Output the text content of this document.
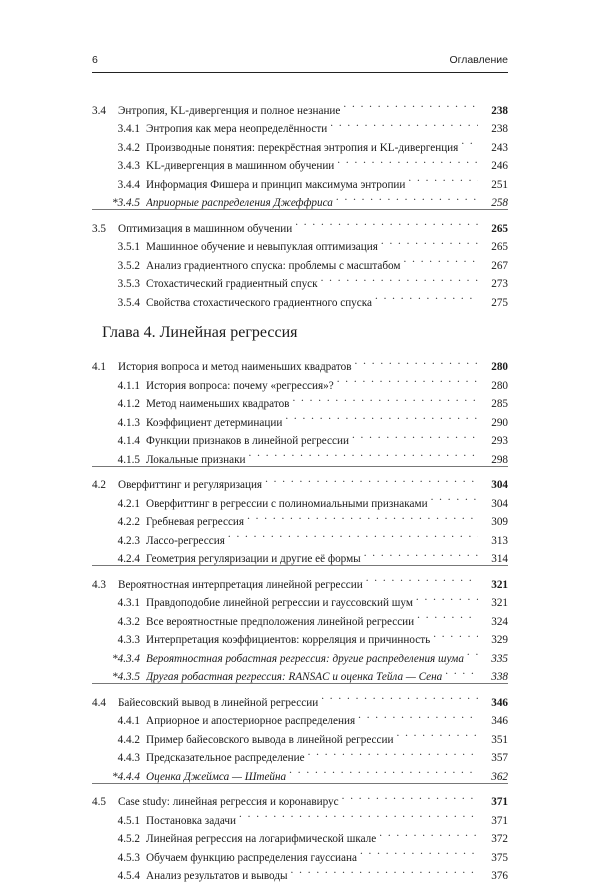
6	Оглавление
3.4	Энтропия, KL-дивергенция и полное незнание . . .	238
3.4.1 Энтропия как мера неопределённости . . .	238
3.4.2 Производные понятия: перекрёстная энтропия и KL-дивергенция . . .	243
3.4.3 KL-дивергенция в машинном обучении . . .	246
3.4.4 Информация Фишера и принцип максимума энтропии . . .	251
*3.4.5 Априорные распределения Джеффриса . . .	258
3.5	Оптимизация в машинном обучении . . .	265
3.5.1 Машинное обучение и невыпуклая оптимизация . . .	265
3.5.2 Анализ градиентного спуска: проблемы с масштабом . . .	267
3.5.3 Стохастический градиентный спуск . . .	273
3.5.4 Свойства стохастического градиентного спуска . . .	275
Глава 4. Линейная регрессия
4.1	История вопроса и метод наименьших квадратов . . .	280
4.1.1 История вопроса: почему «регрессия»? . . .	280
4.1.2 Метод наименьших квадратов . . .	285
4.1.3 Коэффициент детерминации . . .	290
4.1.4 Функции признаков в линейной регрессии . . .	293
4.1.5 Локальные признаки . . .	298
4.2	Оверфиттинг и регуляризация . . .	304
4.2.1 Оверфиттинг в регрессии с полиномиальными признаками . . .	304
4.2.2 Гребневая регрессия . . .	309
4.2.3 Лассо-регрессия . . .	313
4.2.4 Геометрия регуляризации и другие её формы . . .	314
4.3	Вероятностная интерпретация линейной регрессии . . .	321
4.3.1 Правдоподобие линейной регрессии и гауссовский шум . . .	321
4.3.2 Все вероятностные предположения линейной регрессии . . .	324
4.3.3 Интерпретация коэффициентов: корреляция и причинность . . .	329
*4.3.4 Вероятностная робастная регрессия: другие распределения шума . . .	335
*4.3.5 Другая робастная регрессия: RANSAC и оценка Тейла — Сена . . .	338
4.4	Байесовский вывод в линейной регрессии . . .	346
4.4.1 Априорное и апостериорное распределения . . .	346
4.4.2 Пример байесовского вывода в линейной регрессии . . .	351
4.4.3 Предсказательное распределение . . .	357
*4.4.4 Оценка Джеймса — Штейна . . .	362
4.5	Case study: линейная регрессия и коронавирус . . .	371
4.5.1 Постановка задачи . . .	371
4.5.2 Линейная регрессия на логарифмической шкале . . .	372
4.5.3 Обучаем функцию распределения гауссиана . . .	375
4.5.4 Анализ результатов и выводы . . .	376
